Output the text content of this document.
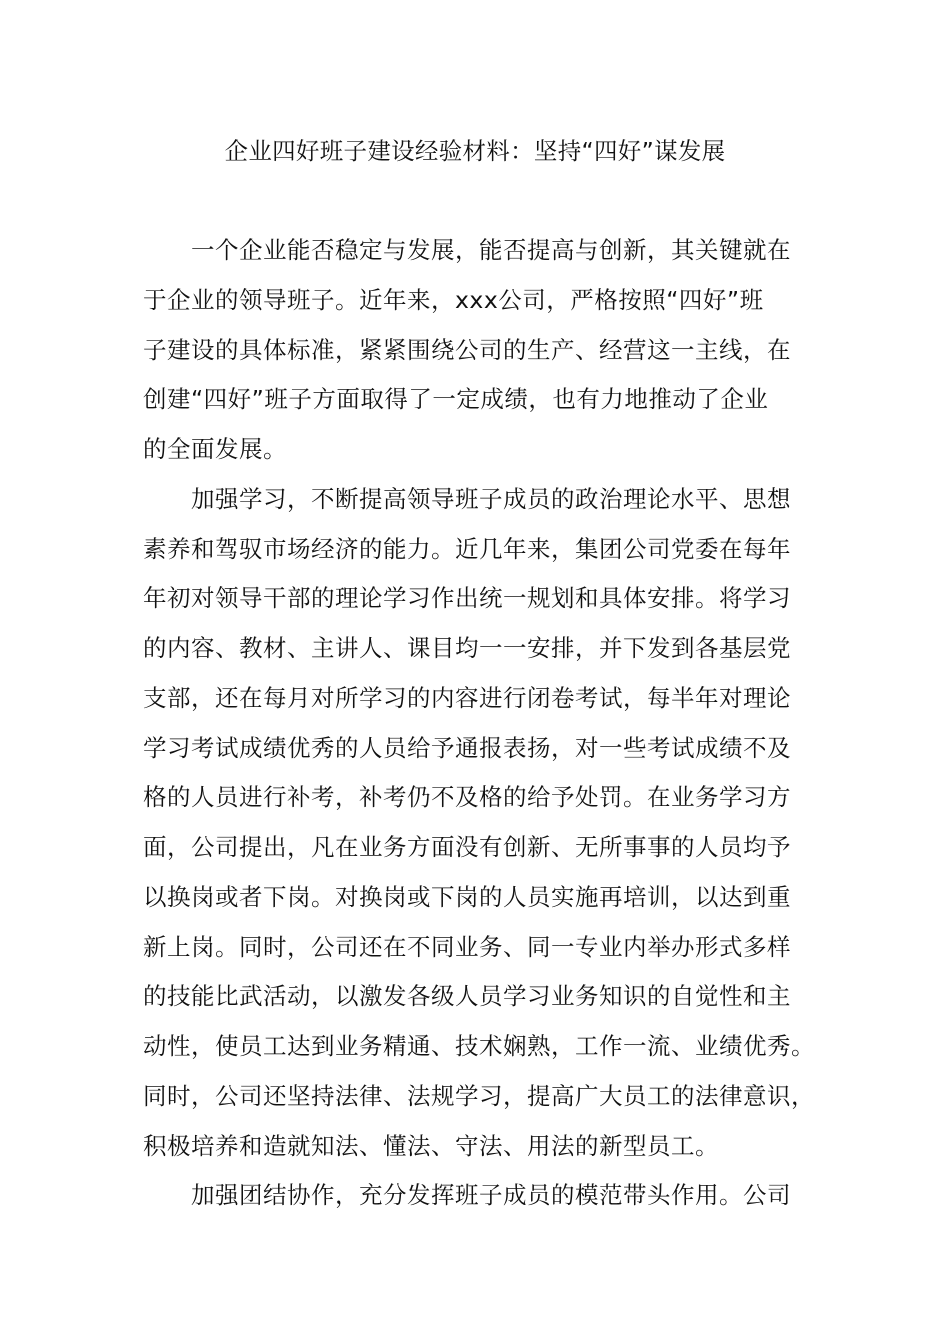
企业四好班子建设经验材料：坚持“四好”谋发展

一个企业能否稳定与发展，能否提高与创新，其关键就在
于企业的领导班子。近年来，xxx公司，严格按照“四好”班
子建设的具体标准，紧紧围绕公司的生产、经营这一主线，在
创建“四好”班子方面取得了一定成绩，也有力地推动了企业
的全面发展。

加强学习，不断提高领导班子成员的政治理论水平、思想
素养和驾驭市场经济的能力。近几年来，集团公司党委在每年
年初对领导干部的理论学习作出统一规划和具体安排。将学习
的内容、教材、主讲人、课目均一一安排，并下发到各基层党
支部，还在每月对所学习的内容进行闭卷考试，每半年对理论
学习考试成绩优秀的人员给予通报表扬，对一些考试成绩不及
格的人员进行补考，补考仍不及格的给予处罚。在业务学习方
面，公司提出，凡在业务方面没有创新、无所事事的人员均予
以换岗或者下岗。对换岗或下岗的人员实施再培训，以达到重
新上岗。同时，公司还在不同业务、同一专业内举办形式多样
的技能比武活动，以激发各级人员学习业务知识的自觉性和主
动性，使员工达到业务精通、技术娴熟，工作一流、业绩优秀。
同时，公司还坚持法律、法规学习，提高广大员工的法律意识，
积极培养和造就知法、懂法、守法、用法的新型员工。

加强团结协作，充分发挥班子成员的模范带头作用。公司
